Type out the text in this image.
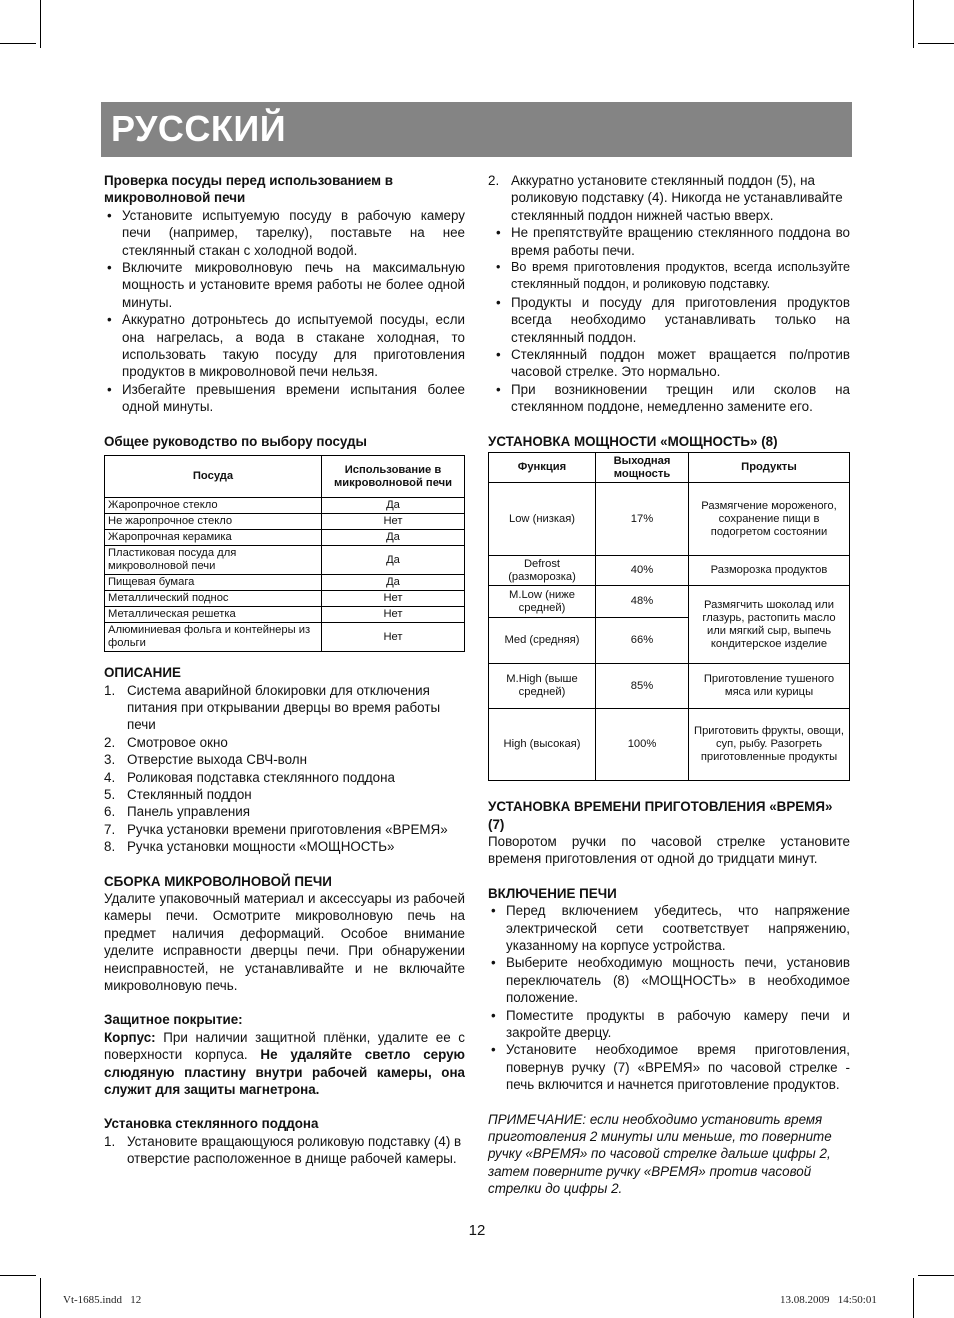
РУССКИЙ
Проверка посуды перед использованием в микроволновой печи
• Установите испытуемую посуду в рабочую камеру печи (например, тарелку), поставьте на нее стеклянный стакан с холодной водой.
• Включите микроволновую печь на максимальную мощность и установите время работы не более одной минуты.
• Аккуратно дотроньтесь до испытуемой посуды, если она нагрелась, а вода в стакане холодная, то использовать такую посуду для приготовления продуктов в микроволновой печи нельзя.
• Избегайте превышения времени испытания более одной минуты.
Общее руководство по выбору посуды
Посуда	Использование в микроволновой печи
Жаропрочное стекло	Да
Не жаропрочное стекло	Нет
Жаропрочная керамика	Да
Пластиковая посуда для микроволновой печи	Да
Пищевая бумага	Да
Металлический поднос	Нет
Металлическая решетка	Нет
Алюминиевая фольга и контейнеры из фольги	Нет
ОПИСАНИЕ
1. Система аварийной блокировки для отключения питания при открывании дверцы во время работы печи
2. Смотровое окно
3. Отверстие выхода СВЧ-волн
4. Роликовая подставка стеклянного поддона
5. Стеклянный поддон
6. Панель управления
7. Ручка установки времени приготовления «ВРЕМЯ»
8. Ручка установки мощности «МОЩНОСТЬ»
СБОРКА МИКРОВОЛНОВОЙ ПЕЧИ

Удалите упаковочный материал и аксессуары из рабочей камеры печи. Осмотрите микроволновую печь на предмет наличия деформаций. Особое внимание уделите исправности дверцы печи. При обнаружении неисправностей, не устанавливайте и не включайте микроволновую печь.

Защитное покрытие:

Корпус: При наличии защитной плёнки, удалите ее с поверхности корпуса. Не удаляйте светло серую слюдяную пластину внутри рабочей камеры, она служит для защиты магнетрона.

Установка стеклянного поддона
1. Установите вращающуюся роликовую подставку (4) в отверстие расположенное в днище рабочей камеры.
2. Аккуратно установите стеклянный поддон (5), на роликовую подставку (4). Никогда не устанавливайте стеклянный поддон нижней частью вверх.
• Не препятствуйте вращению стеклянного поддона во время работы печи.
• Во время приготовления продуктов, всегда используйте стеклянный поддон, и роликовую подставку.
• Продукты и посуду для приготовления продуктов всегда необходимо устанавливать только на стеклянный поддон.
• Стеклянный поддон может вращается по/против часовой стрелке. Это нормально.
• При возникновении трещин или сколов на стеклянном поддоне, немедленно замените его.
УСТАНОВКА МОЩНОСТИ «МОЩНОСТЬ» (8)
Функция	Выходная мощность	Продукты
Low (низкая)	17%	Размягчение мороженого, сохранение пищи в подогретом состоянии
Defrost (разморозка)	40%	Разморозка продуктов
M.Low (ниже средней)	48%	Размягчить шоколад или глазурь, растопить масло или мягкий сыр, выпечь кондитерское изделие
Med (средняя)	66%	
M.High (выше средней)	85%	Приготовление тушеного мяса или курицы
High (высокая)	100%	Приготовить фрукты, овощи, суп, рыбу. Разогреть приготовленные продукты
УСТАНОВКА ВРЕМЕНИ ПРИГОТОВЛЕНИЯ «ВРЕМЯ» (7)

Поворотом ручки по часовой стрелке установите временя приготовления от одной до тридцати минут.

ВКЛЮЧЕНИЕ ПЕЧИ
• Перед включением убедитесь, что напряжение электрической сети соответствует напряжению, указанному на корпусе устройства.
• Выберите необходимую мощность печи, установив переключатель (8) «МОЩНОСТЬ» в необходимое положение.
• Поместите продукты в рабочую камеру печи и закройте дверцу.
• Установите необходимое время приготовления, повернув ручку (7) «ВРЕМЯ» по часовой стрелке - печь включится и начнется приготовление продуктов.

ПРИМЕЧАНИЕ: если необходимо установить время приготовления 2 минуты или меньше, то поверните ручку «ВРЕМЯ» по часовой стрелке дальше цифры 2, затем поверните ручку «ВРЕМЯ» против часовой стрелки до цифры 2.

12
Vt-1685.indd   12	13.08.2009   14:50:01
